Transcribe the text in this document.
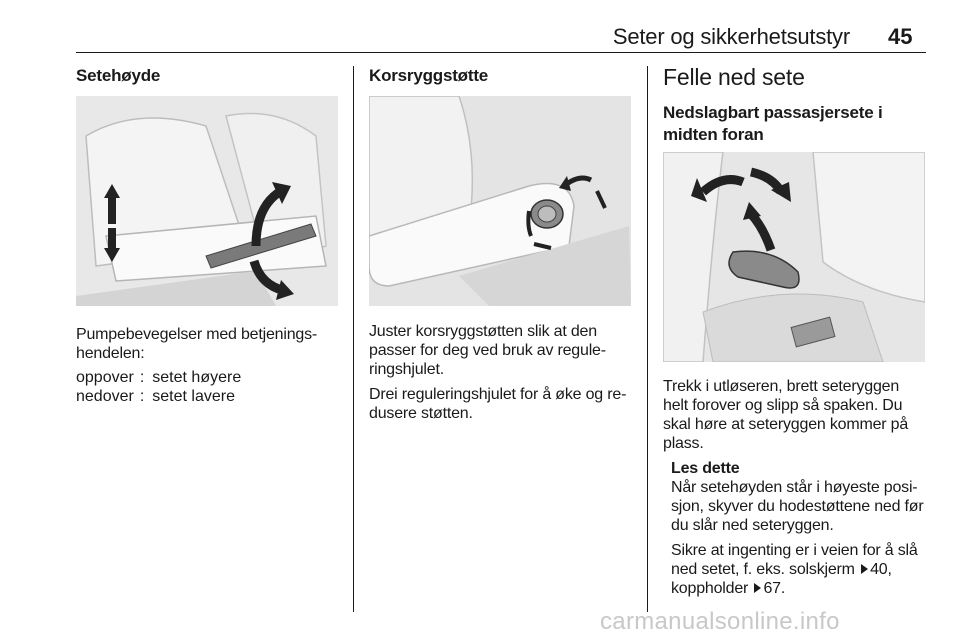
Seter og sikkerhetsutstyr 45
Setehøyde
Pumpebevegelser med betjenings-
hendelen:
oppover	:	setet høyere
nedover	:	setet lavere
Korsryggstøtte

Juster korsryggstøtten slik at den
passer for deg ved bruk av regule-
ringshjulet.

Drei reguleringshjulet for å øke og re-
dusere støtten.

Felle ned sete
Nedslagbart passasjersete i
midten foran

Trekk i utløseren, brett seteryggen
helt forover og slipp så spaken. Du
skal høre at seteryggen kommer på
plass.

Les dette

Når setehøyden står i høyeste posi-
sjon, skyver du hodestøttene ned før
du slår ned seteryggen.

Sikre at ingenting er i veien for å slå
ned setet, f. eks. solskjerm 40,
koppholder 67.

carmanualsonline.info
